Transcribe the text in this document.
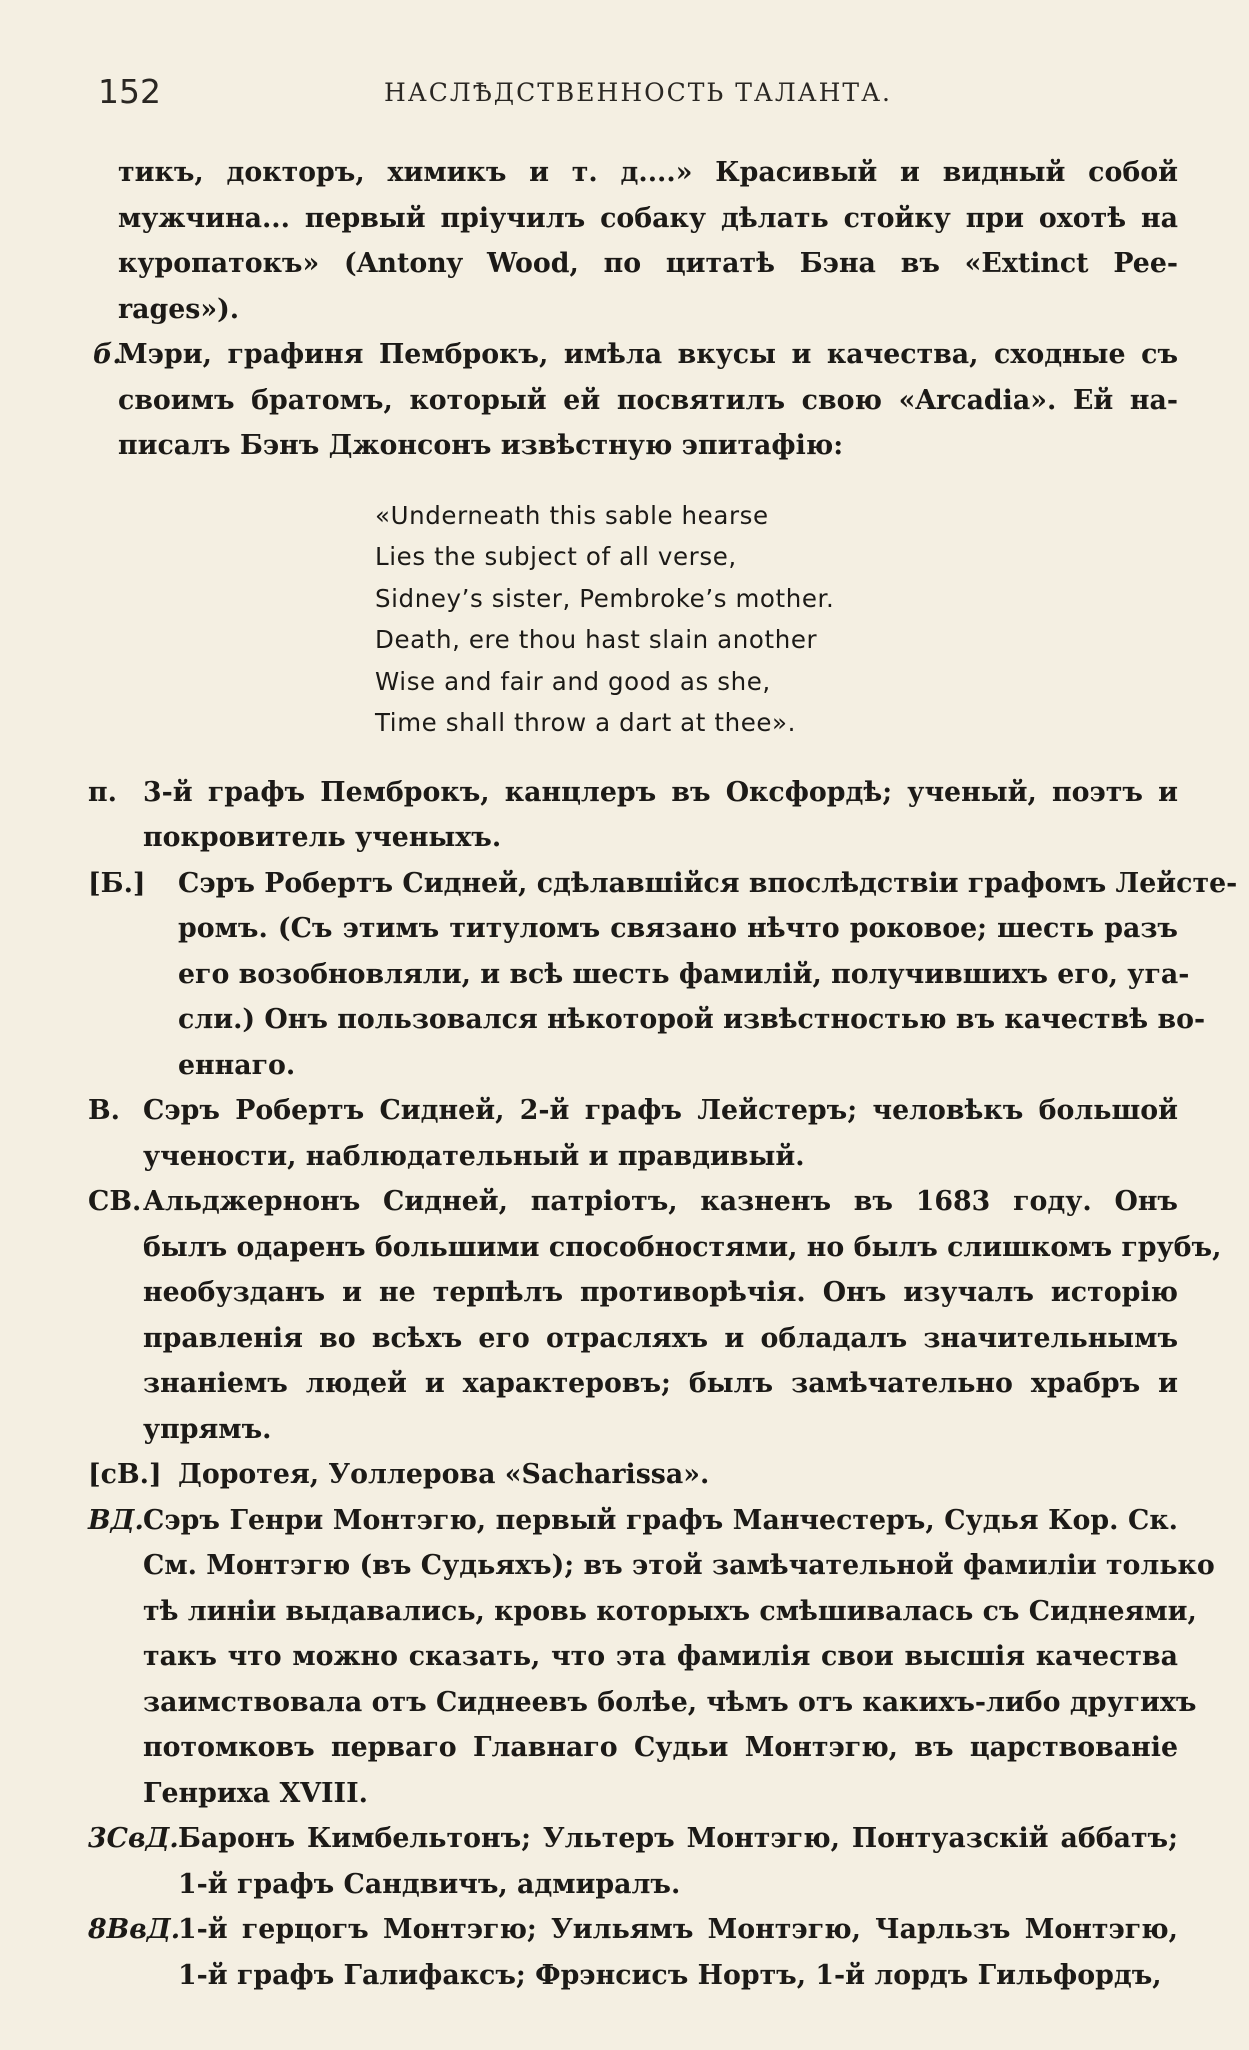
152	НАСЛѢДСТВЕННОСТЬ ТАЛАНТА.
тикъ, докторъ, химикъ и т. д....» Красивый и видный собой
мужчина... первый пріучилъ собаку дѣлать стойку при охотѣ на
куропатокъ» (Antony Wood, по цитатѣ Бэна въ «Extinct Pee-
rages»).
б.
Мэри, графиня Пемброкъ, имѣла вкусы и качества, сходные съ
своимъ братомъ, который ей посвятилъ свою «Arcadia». Ей на-
писалъ Бэнъ Джонсонъ извѣстную эпитафію:
«Underneath this sable hearse
Lies the subject of all verse,
Sidney’s sister, Pembroke’s mother.
Death, ere thou hast slain another
Wise and fair and good as she,
Time shall throw a dart at thee».
п. 3-й графъ Пемброкъ, канцлеръ въ Оксфордѣ; ученый, поэтъ и
покровитель ученыхъ.
[Б.] Сэръ Робертъ Сидней, сдѣлавшійся впослѣдствіи графомъ Лейсте-
ромъ. (Съ этимъ титуломъ связано нѣчто роковое; шесть разъ
его возобновляли, и всѣ шесть фамилій, получившихъ его, уга-
сли.) Онъ пользовался нѣкоторой извѣстностью въ качествѣ во-
еннаго.
В. Сэръ Робертъ Сидней, 2-й графъ Лейстеръ; человѣкъ большой
учености, наблюдательный и правдивый.
СВ. Альджернонъ Сидней, патріотъ, казненъ въ 1683 году. Онъ
былъ одаренъ большими способностями, но былъ слишкомъ грубъ,
необузданъ и не терпѣлъ противорѣчія. Онъ изучалъ исторію
правленія во всѣхъ его отрасляхъ и обладалъ значительнымъ
знаніемъ людей и характеровъ; былъ замѣчательно храбръ и
упрямъ.
[сВ.] Доротея, Уоллерова «Sacharissa».
ВД. Сэръ Генри Монтэгю, первый графъ Манчестеръ, Судья Кор. Ск.
См. Монтэгю (въ Судьяхъ); въ этой замѣчательной фамиліи только
тѣ линіи выдавались, кровь которыхъ смѣшивалась съ Сиднеями,
такъ что можно сказать, что эта фамилія свои высшія качества
заимствовала отъ Сиднеевъ болѣе, чѣмъ отъ какихъ-либо другихъ
потомковъ перваго Главнаго Судьи Монтэгю, въ царствованіе
Генриха XVIII.
3СвД. Баронъ Кимбельтонъ; Ультеръ Монтэгю, Понтуазскій аббатъ;
1-й графъ Сандвичъ, адмиралъ.
8ВвД.
1-й герцогъ Монтэгю; Уильямъ Монтэгю, Чарльзъ Монтэгю,
1-й графъ Галифаксъ; Фрэнсисъ Нортъ, 1-й лордъ Гильфордъ,
